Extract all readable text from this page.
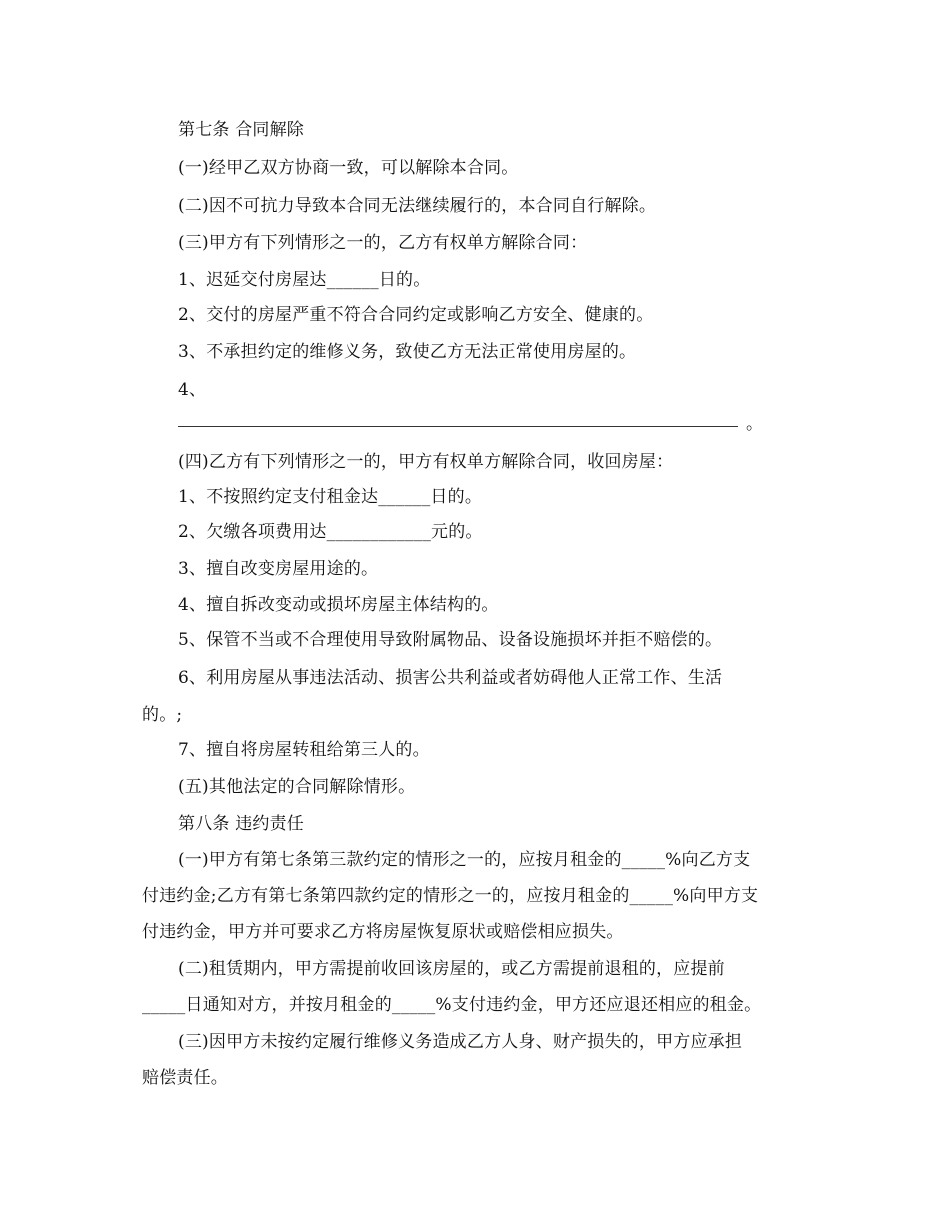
第七条 合同解除
(一)经甲乙双方协商一致，可以解除本合同。
(二)因不可抗力导致本合同无法继续履行的，本合同自行解除。
(三)甲方有下列情形之一的，乙方有权单方解除合同：
1、迟延交付房屋达______日的。
2、交付的房屋严重不符合合同约定或影响乙方安全、健康的。
3、不承担约定的维修义务，致使乙方无法正常使用房屋的。
4、
。
(四)乙方有下列情形之一的，甲方有权单方解除合同，收回房屋：
1、不按照约定支付租金达______日的。
2、欠缴各项费用达____________元的。
3、擅自改变房屋用途的。
4、擅自拆改变动或损坏房屋主体结构的。
5、保管不当或不合理使用导致附属物品、设备设施损坏并拒不赔偿的。
6、利用房屋从事违法活动、损害公共利益或者妨碍他人正常工作、生活
的。;
7、擅自将房屋转租给第三人的。
(五)其他法定的合同解除情形。
第八条 违约责任
(一)甲方有第七条第三款约定的情形之一的，应按月租金的_____%向乙方支
付违约金;乙方有第七条第四款约定的情形之一的，应按月租金的_____%向甲方支
付违约金，甲方并可要求乙方将房屋恢复原状或赔偿相应损失。
(二)租赁期内，甲方需提前收回该房屋的，或乙方需提前退租的，应提前
_____日通知对方，并按月租金的_____%支付违约金，甲方还应退还相应的租金。
(三)因甲方未按约定履行维修义务造成乙方人身、财产损失的，甲方应承担
赔偿责任。
